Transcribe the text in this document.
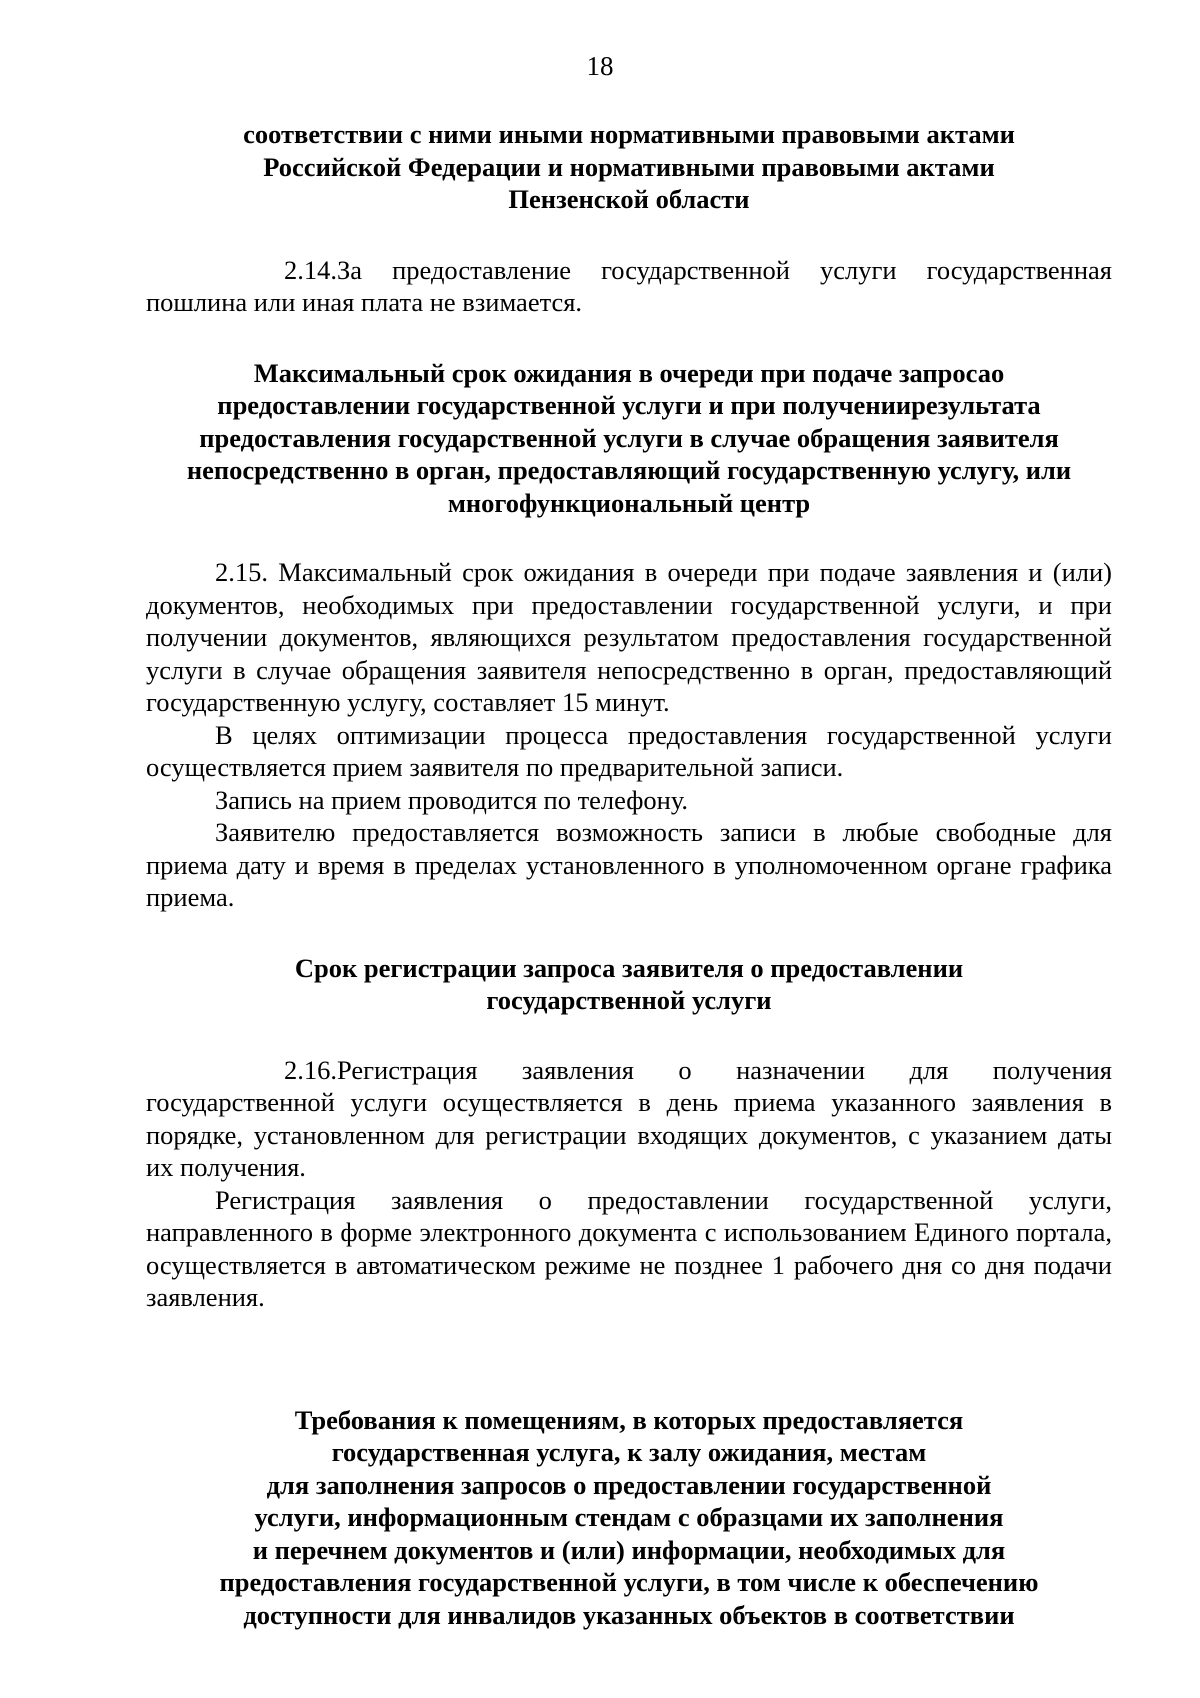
18
соответствии с ними иными нормативными правовыми актами
Российской Федерации и нормативными правовыми актами
Пензенской области

2.14.За предоставление государственной услуги государственная пошлина или иная плата не взимается.

Максимальный срок ожидания в очереди при подаче запросао
предоставлении государственной услуги и при получениирезультата
предоставления государственной услуги в случае обращения заявителя
непосредственно в орган, предоставляющий государственную услугу, или
многофункциональный центр

2.15. Максимальный срок ожидания в очереди при подаче заявления и (или) документов, необходимых при предоставлении государственной услуги, и при получении документов, являющихся результатом предоставления государственной услуги в случае обращения заявителя непосредственно в орган, предоставляющий государственную услугу, составляет 15 минут.

В целях оптимизации процесса предоставления государственной услуги осуществляется прием заявителя по предварительной записи.

Запись на прием проводится по телефону.

Заявителю предоставляется возможность записи в любые свободные для приема дату и время в пределах установленного в уполномоченном органе графика приема.

Срок регистрации запроса заявителя о предоставлении
государственной услуги

2.16.Регистрация заявления о назначении для получения государственной услуги осуществляется в день приема указанного заявления в порядке, установленном для регистрации входящих документов, с указанием даты их получения.

Регистрация заявления о предоставлении государственной услуги, направленного в форме электронного документа с использованием Единого портала, осуществляется в автоматическом режиме не позднее 1 рабочего дня со дня подачи заявления.

Требования к помещениям, в которых предоставляется
государственная услуга, к залу ожидания, местам
для заполнения запросов о предоставлении государственной
услуги, информационным стендам с образцами их заполнения
и перечнем документов и (или) информации, необходимых для
предоставления государственной услуги, в том числе к обеспечению
доступности для инвалидов указанных объектов в соответствии
